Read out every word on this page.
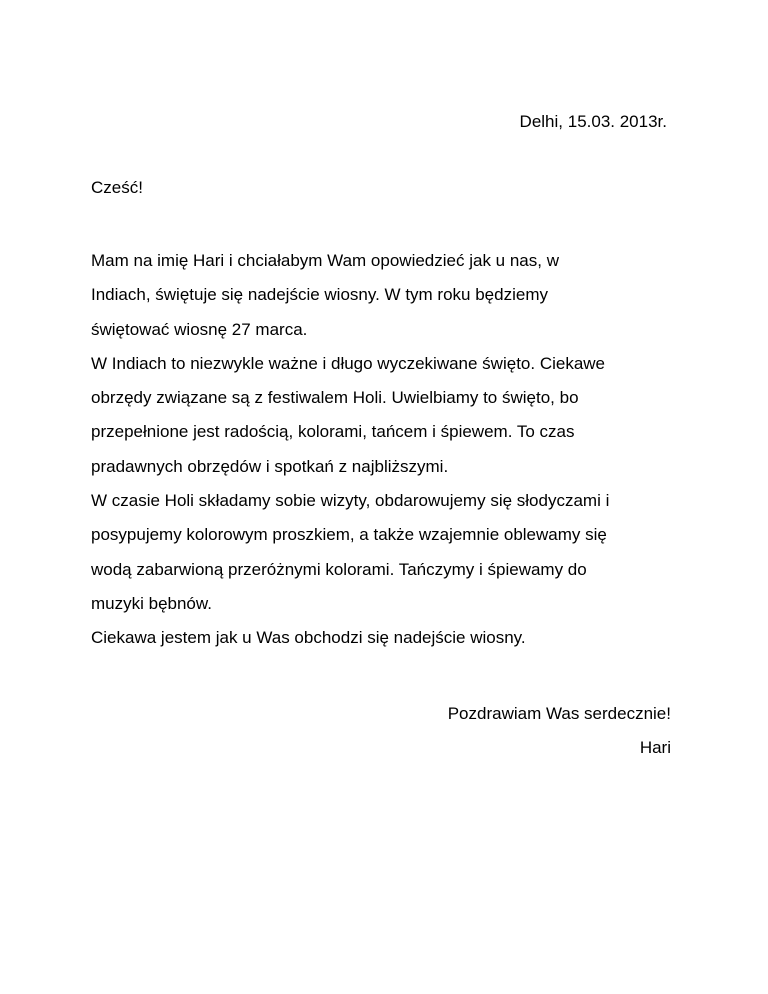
Delhi, 15.03. 2013r.
Cześć!
Mam na imię Hari i chciałabym Wam opowiedzieć jak u nas, w
Indiach, świętuje się nadejście wiosny. W tym roku będziemy
świętować wiosnę 27 marca.
W Indiach to niezwykle ważne i długo wyczekiwane święto. Ciekawe
obrzędy związane są z festiwalem Holi. Uwielbiamy to święto, bo
przepełnione jest radością, kolorami, tańcem i śpiewem. To czas
pradawnych obrzędów i spotkań z najbliższymi.
W czasie Holi składamy sobie wizyty, obdarowujemy się słodyczami i
posypujemy kolorowym proszkiem, a także wzajemnie oblewamy się
wodą zabarwioną przeróżnymi kolorami. Tańczymy i śpiewamy do
muzyki bębnów.
Ciekawa jestem jak u Was obchodzi się nadejście wiosny.
Pozdrawiam Was serdecznie!
Hari
